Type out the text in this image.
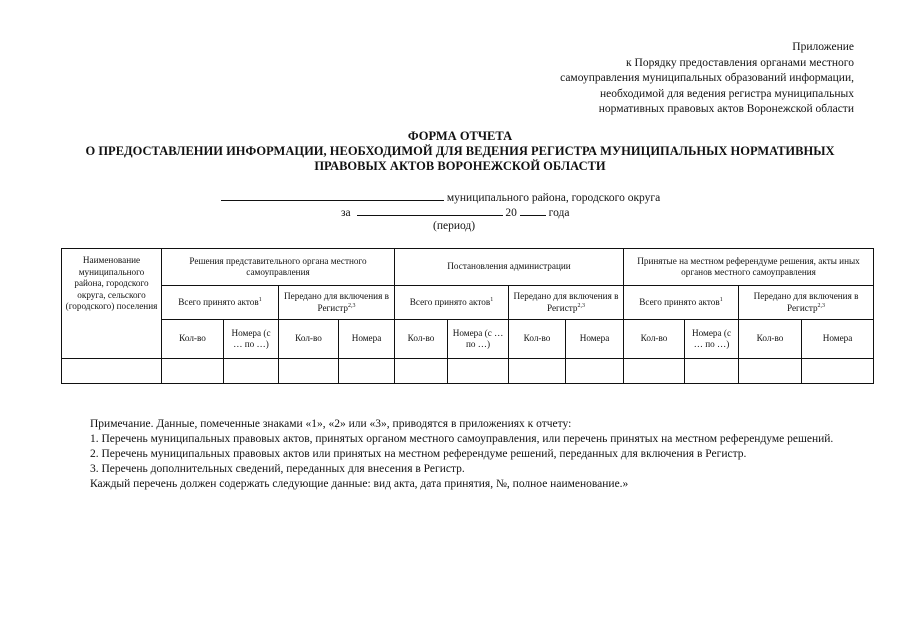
Приложение
к Порядку предоставления органами местного
самоуправления муниципальных образований информации,
необходимой для ведения регистра муниципальных
нормативных правовых актов Воронежской области
ФОРМА ОТЧЕТА
О ПРЕДОСТАВЛЕНИИ ИНФОРМАЦИИ, НЕОБХОДИМОЙ ДЛЯ ВЕДЕНИЯ РЕГИСТРА МУНИЦИПАЛЬНЫХ НОРМАТИВНЫХ
ПРАВОВЫХ АКТОВ ВОРОНЕЖСКОЙ ОБЛАСТИ
муниципального района, городского округа
за	20	года
(период)
Наименование муниципального района, городского округа, сельского (городского) поселения	Решения представительного органа местного самоуправления				Постановления администрации				Принятые на местном референдуме решения, акты иных органов местного самоуправления			
	Всего принято актов$^1$		Передано для включения в Регистр$^{2,3}$		Всего принято актов$^1$		Передано для включения в Регистр$^{2,3}$		Всего принято актов$^1$		Передано для включения в Регистр$^{2,3}$
	Кол-во	Номера (с … по …)	Кол-во	Номера	Кол-во	Номера (с … по …)	Кол-во	Номера	Кол-во	Номера (с … по …)	Кол-во	Номера

Примечание. Данные, помеченные знаками «1», «2» или «3», приводятся в приложениях к отчету:

1. Перечень муниципальных правовых актов, принятых органом местного самоуправления, или перечень принятых на местном референдуме решений.

2. Перечень муниципальных правовых актов или принятых на местном референдуме решений, переданных для включения в Регистр.

3. Перечень дополнительных сведений, переданных для внесения в Регистр.

Каждый перечень должен содержать следующие данные: вид акта, дата принятия, №, полное наименование.»
